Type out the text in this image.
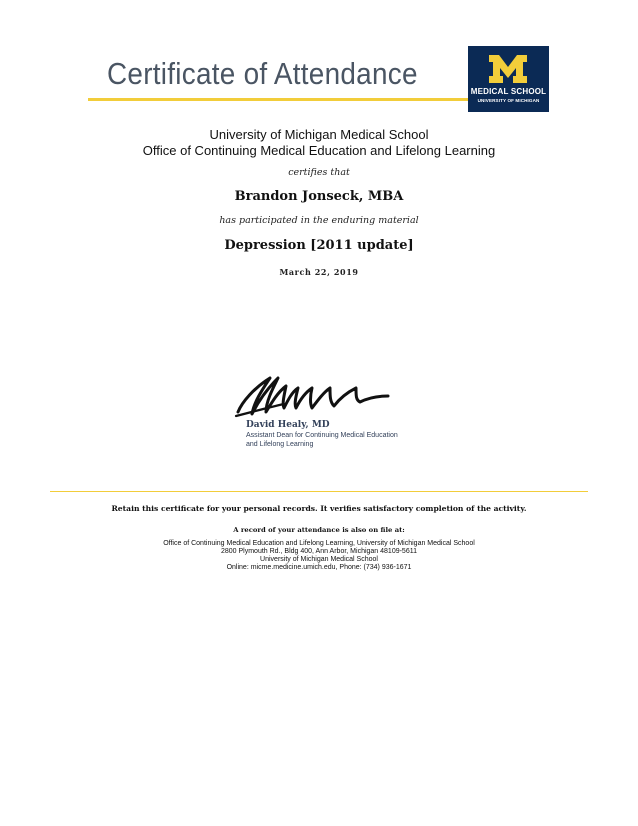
Certificate of Attendance
MEDICAL SCHOOL
UNIVERSITY OF MICHIGAN
University of Michigan Medical School
Office of Continuing Medical Education and Lifelong Learning
certifies that
Brandon Jonseck, MBA
has participated in the enduring material
Depression [2011 update]
March 22, 2019
David Healy, MD
Assistant Dean for Continuing Medical Education
and Lifelong Learning
Retain this certificate for your personal records. It verifies satisfactory completion of the activity.
A record of your attendance is also on file at:
Office of Continuing Medical Education and Lifelong Learning, University of Michigan Medical School
2800 Plymouth Rd., Bldg 400, Ann Arbor, Michigan 48109-5611
University of Michigan Medical School
Online: micme.medicine.umich.edu, Phone: (734) 936-1671
